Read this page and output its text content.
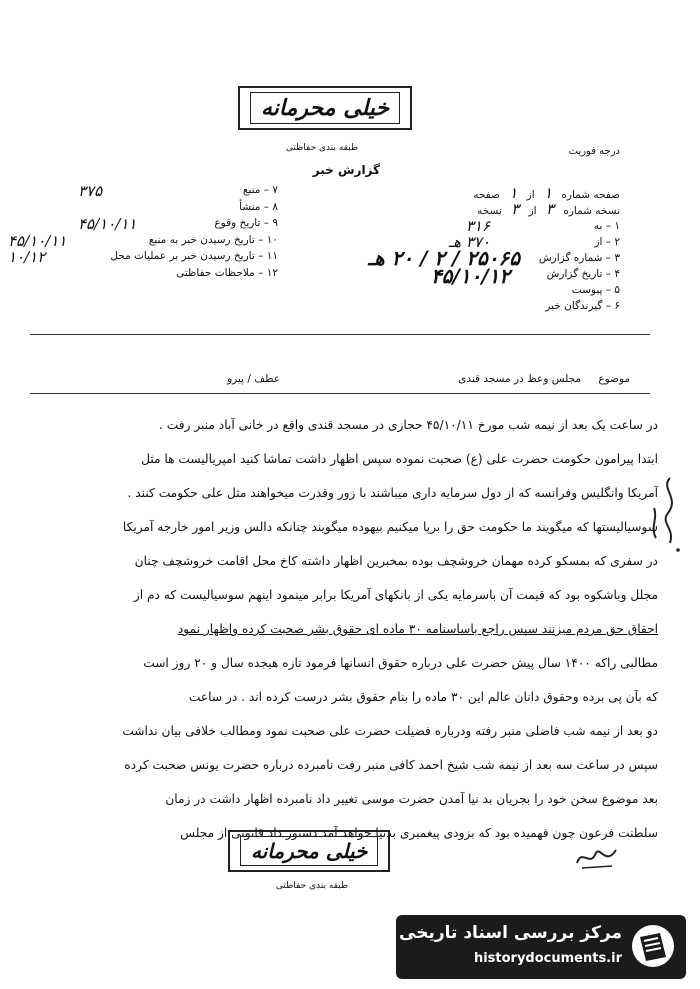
خیلی محرمانه
طبقه بندی حفاظتی	درجه فوریت
گزارش خبر
۷ – منبع
۳۷۵
۸ – منشأ
۹ – تاریخ وقوع
۴۵/۱۰/۱۱
۱۰ – تاریخ رسیدن خبر به منبع
۴۵/۱۰/۱۱
۱۱ – تاریخ رسیدن خبر بر عملیات محل
۱۰/۱۲
۱۲ – ملاحظات حفاظتی
صفحه شماره ۱ از ۱ صفحه
نسخه شماره ۳ از ۳ نسخه
۱ – به
۳۱۶
۲ – از
۳۷۰ هـ
۳ – شماره گزارش
۲۵۰۶۵ / ۲ / ۲۰ هـ
۴ – تاریخ گزارش
۴۵/۱۰/۱۲
۵ – پیوست
۶ – گیرندگان خبر
موضوع مجلس وعظ در مسجد قندی
عطف / پیرو
در ساعت یک بعد از نیمه شب مورخ ۴۵/۱۰/۱۱ حجازی در مسجد قندی واقع در خانی آباد منبر رفت .
ابتدا پیرامون حکومت حضرت علی (ع) صحبت نموده سپس اظهار داشت تماشا کنید امپریالیست ها مثل
آمریکا وانگلیس وفرانسه که از دول سرمایه داری میباشند با زور وقدرت میخواهند مثل علی حکومت کنند .
سوسیالیستها که میگویند ما حکومت حق را برپا میکنیم بیهوده میگویند چنانکه دالس وزیر امور خارجه آمریکا
در سفری که بمسکو کرده مهمان خروشچف بوده بمخبرین اظهار داشته کاخ محل اقامت خروشچف چنان
مجلل وباشکوه بود که قیمت آن باسرمایه یکی از بانکهای آمریکا برابر مینمود اینهم سوسیالیست که دم از
احقاق حق مردم میزنند سپس راجع باساسنامه ۳۰ ماده ای حقوق بشر صحبت کرده واظهار نمود
مطالبی راکه ۱۴۰۰ سال پیش حضرت علی درباره حقوق انسانها فرمود تازه هیجده سال و ۲۰ روز است
که بآن پی برده وحقوق دانان عالم این ۳۰ ماده را بنام حقوق بشر درست کرده اند . در ساعت
دو بعد از نیمه شب فاضلی منبر رفته ودرباره فضیلت حضرت علی صحبت نمود ومطالب خلافی بیان نداشت
سپس در ساعت سه بعد از نیمه شب شیخ احمد کافی منبر رفت نامبرده درباره حضرت یونس صحبت کرده
بعد موضوع سخن خود را بجریان بد نیا آمدن حضرت موسی تغییر داد نامبرده اظهار داشت در زمان
سلطنت فرعون چون فهمیده بود که بزودی پیغمبری بدنیا خواهد آمد دستور داد قانونی از مجلس
خیلی محرمانه
طبقه بندی حفاظتی
مرکز بررسی اسناد تاریخی
historydocuments.ir
